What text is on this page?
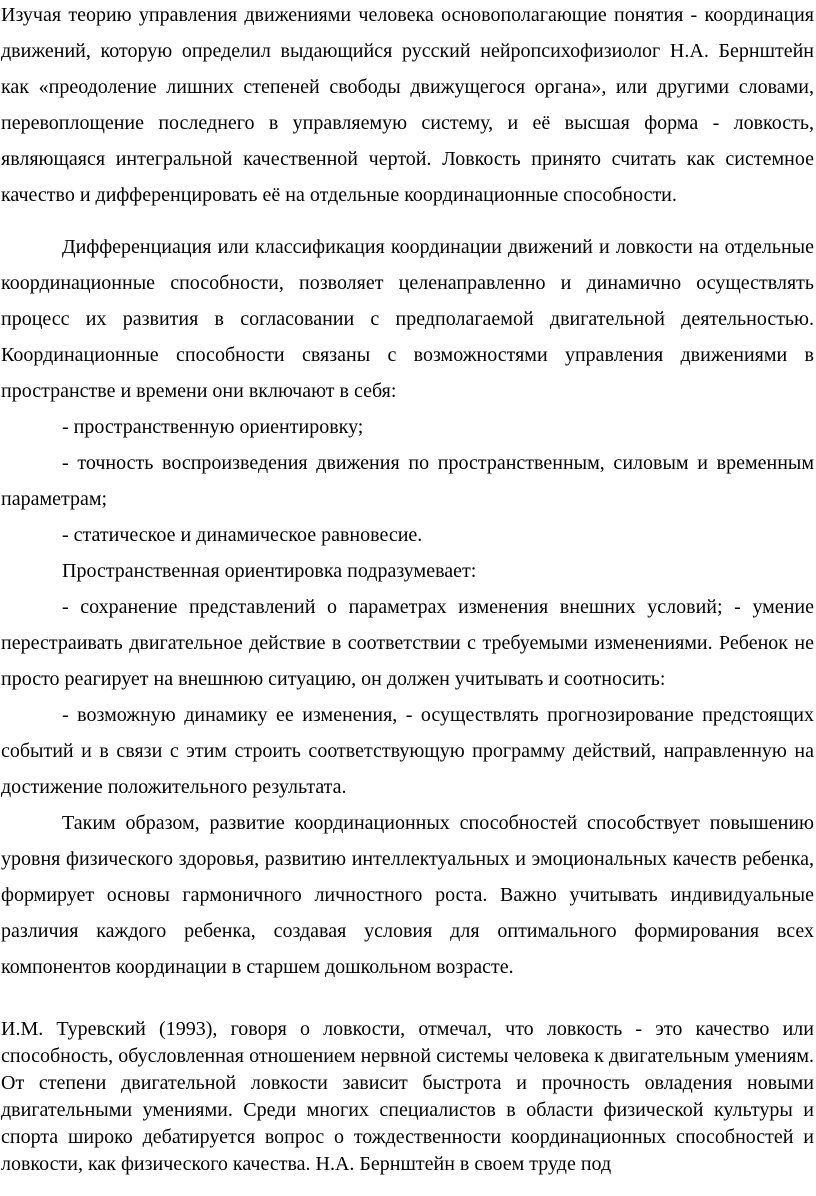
Изучая теорию управления движениями человека основополагающие понятия - координация движений, которую определил выдающийся русский нейропсихофизиолог Н.А. Бернштейн как «преодоление лишних степеней свободы движущегося органа», или другими словами, перевоплощение последнего в управляемую систему, и её высшая форма - ловкость, являющаяся интегральной качественной чертой. Ловкость принято считать как системное качество и дифференцировать её на отдельные координационные способности.

Дифференциация или классификация координации движений и ловкости на отдельные координационные способности, позволяет целенаправленно и динамично осуществлять процесс их развития в согласовании с предполагаемой двигательной деятельностью. Координационные способности связаны с возможностями управления движениями в пространстве и времени они включают в себя:

- пространственную ориентировку;

- точность воспроизведения движения по пространственным, силовым и временным параметрам;

- статическое и динамическое равновесие.

Пространственная ориентировка подразумевает:

- сохранение представлений о параметрах изменения внешних условий; - умение перестраивать двигательное действие в соответствии с требуемыми изменениями. Ребенок не просто реагирует на внешнюю ситуацию, он должен учитывать и соотносить:

- возможную динамику ее изменения, - осуществлять прогнозирование предстоящих событий и в связи с этим строить соответствующую программу действий, направленную на достижение положительного результата.

Таким образом, развитие координационных способностей способствует повышению уровня физического здоровья, развитию интеллектуальных и эмоциональных качеств ребенка, формирует основы гармоничного личностного роста. Важно учитывать индивидуальные различия каждого ребенка, создавая условия для оптимального формирования всех компонентов координации в старшем дошкольном возрасте.

И.М. Туревский (1993), говоря о ловкости, отмечал, что ловкость - это качество или способность, обусловленная отношением нервной системы человека к двигательным умениям. От степени двигательной ловкости зависит быстрота и прочность овладения новыми двигательными умениями. Среди многих специалистов в области физической культуры и спорта широко дебатируется вопрос о тождественности координационных способностей и ловкости, как физического качества. Н.А. Бернштейн в своем труде под
